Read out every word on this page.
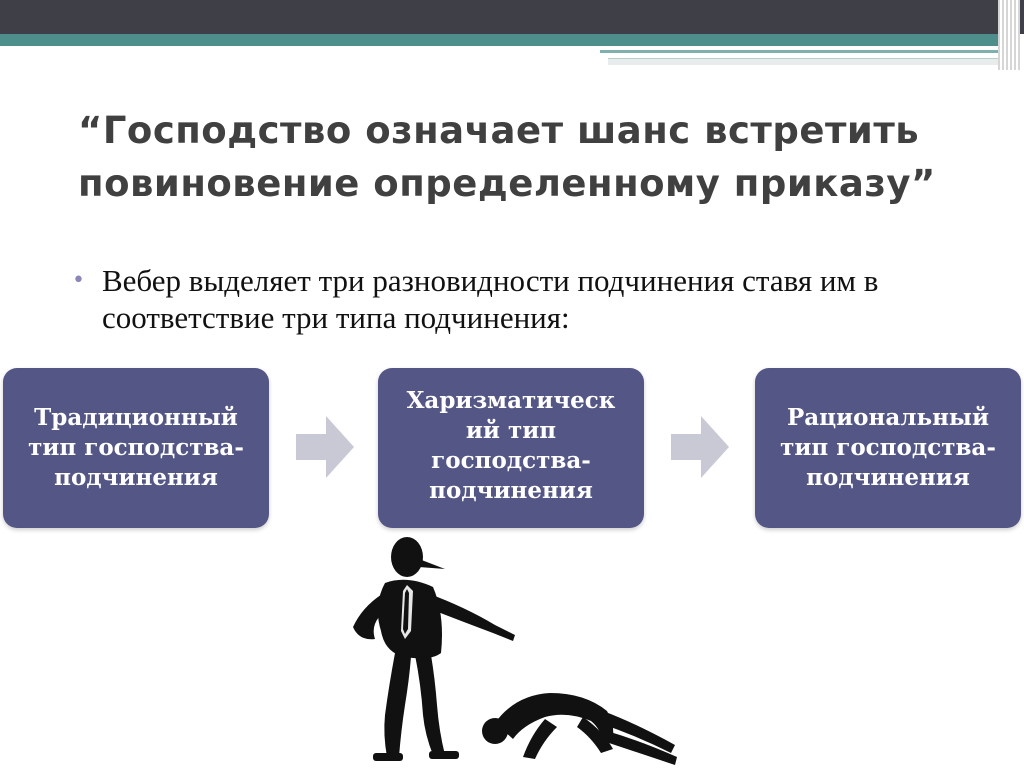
“Господство означает шанс встретить повиновение определенному приказу”
• Вебер выделяет три разновидности подчинения ставя им в соответствие три типа подчинения:
Традиционный тип господства-подчинения
Харизматическ ий тип господства-подчинения
Рациональный тип господства-подчинения
